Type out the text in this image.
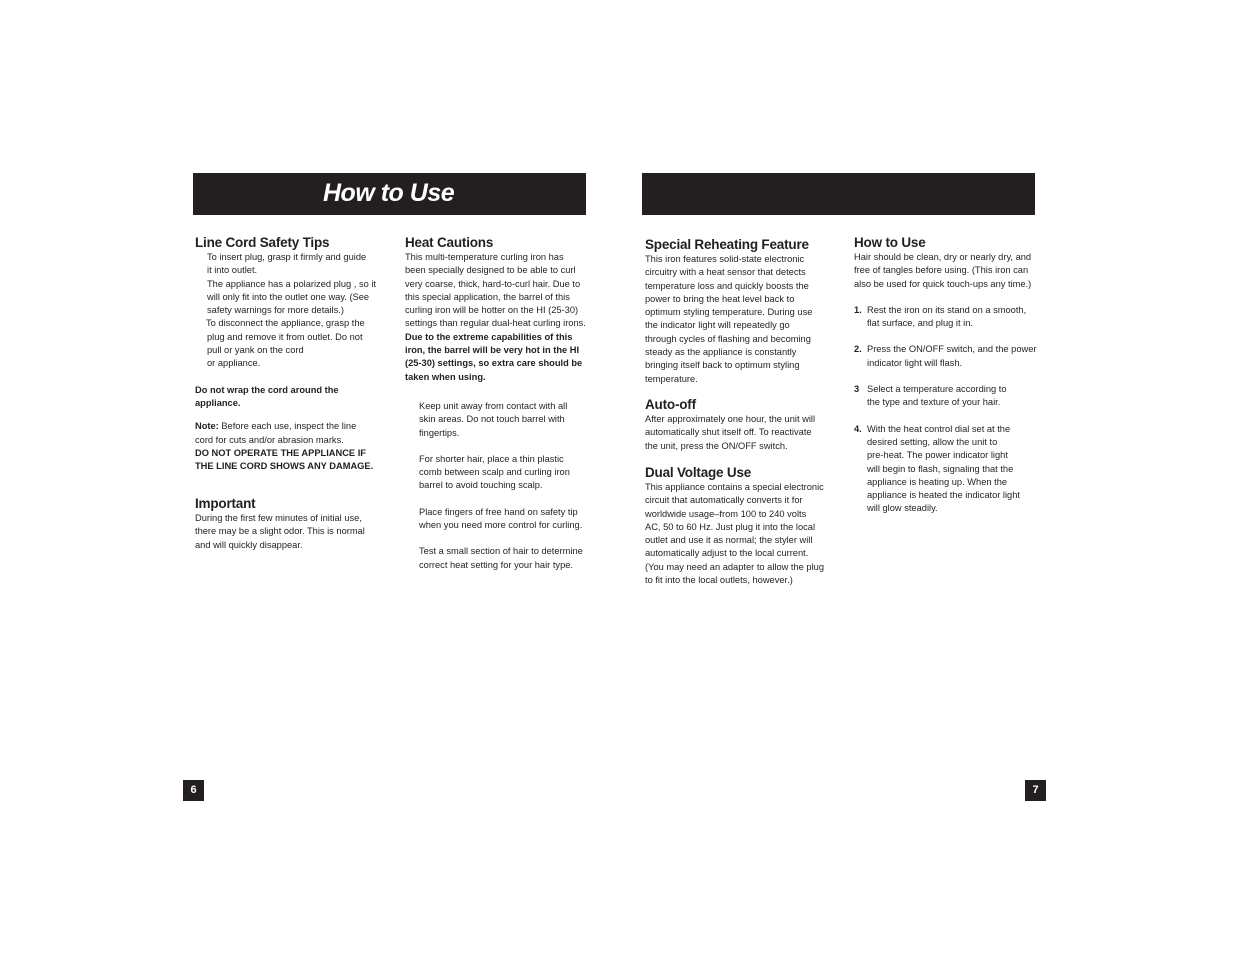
How to Use

Line Cord Safety Tips

To insert plug, grasp it firmly and guide

it into outlet.

The appliance has a polarized plug , so it

will only fit into the outlet one way. (See

safety warnings for more details.)

To disconnect the appliance, grasp the

plug and remove it from outlet. Do not

pull or yank on the cord

or appliance.

Do not wrap the cord around the

appliance.

Note: Before each use, inspect the line

cord for cuts and/or abrasion marks.

DO NOT OPERATE THE APPLIANCE IF

THE LINE CORD SHOWS ANY DAMAGE.

Important

During the first few minutes of initial use,

there may be a slight odor. This is normal

and will quickly disappear.

Heat Cautions

This multi-temperature curling iron has

been specially designed to be able to curl

very coarse, thick, hard-to-curl hair. Due to

this special application, the barrel of this

curling iron will be hotter on the HI (25-30)

settings than regular dual-heat curling irons.

Due to the extreme capabilities of this

iron, the barrel will be very hot in the HI

(25-30) settings, so extra care should be

taken when using.

Keep unit away from contact with all

skin areas. Do not touch barrel with

fingertips.

For shorter hair, place a thin plastic

comb between scalp and curling iron

barrel to avoid touching scalp.

Place fingers of free hand on safety tip

when you need more control for curling.

Test a small section of hair to determine

correct heat setting for your hair type.

Special Reheating Feature

This iron features solid-state electronic

circuitry with a heat sensor that detects

temperature loss and quickly boosts the

power to bring the heat level back to

optimum styling temperature. During use

the indicator light will repeatedly go

through cycles of flashing and becoming

steady as the appliance is constantly

bringing itself back to optimum styling

temperature.

Auto-off

After approximately one hour, the unit will

automatically shut itself off. To reactivate

the unit, press the ON/OFF switch.

Dual Voltage Use

This appliance contains a special electronic

circuit that automatically converts it for

worldwide usage–from 100 to 240 volts

AC, 50 to 60 Hz. Just plug it into the local

outlet and use it as normal; the styler will

automatically adjust to the local current.

(You may need an adapter to allow the plug

to fit into the local outlets, however.)

How to Use

Hair should be clean, dry or nearly dry, and

free of tangles before using. (This iron can

also be used for quick touch-ups any time.)

1. Rest the iron on its stand on a smooth,

flat surface, and plug it in.

2. Press the ON/OFF switch, and the power

indicator light will flash.

3 Select a temperature according to

the type and texture of your hair.

4. With the heat control dial set at the

desired setting, allow the unit to

pre-heat. The power indicator light

will begin to flash, signaling that the

appliance is heating up. When the

appliance is heated the indicator light

will glow steadily.

6	7
